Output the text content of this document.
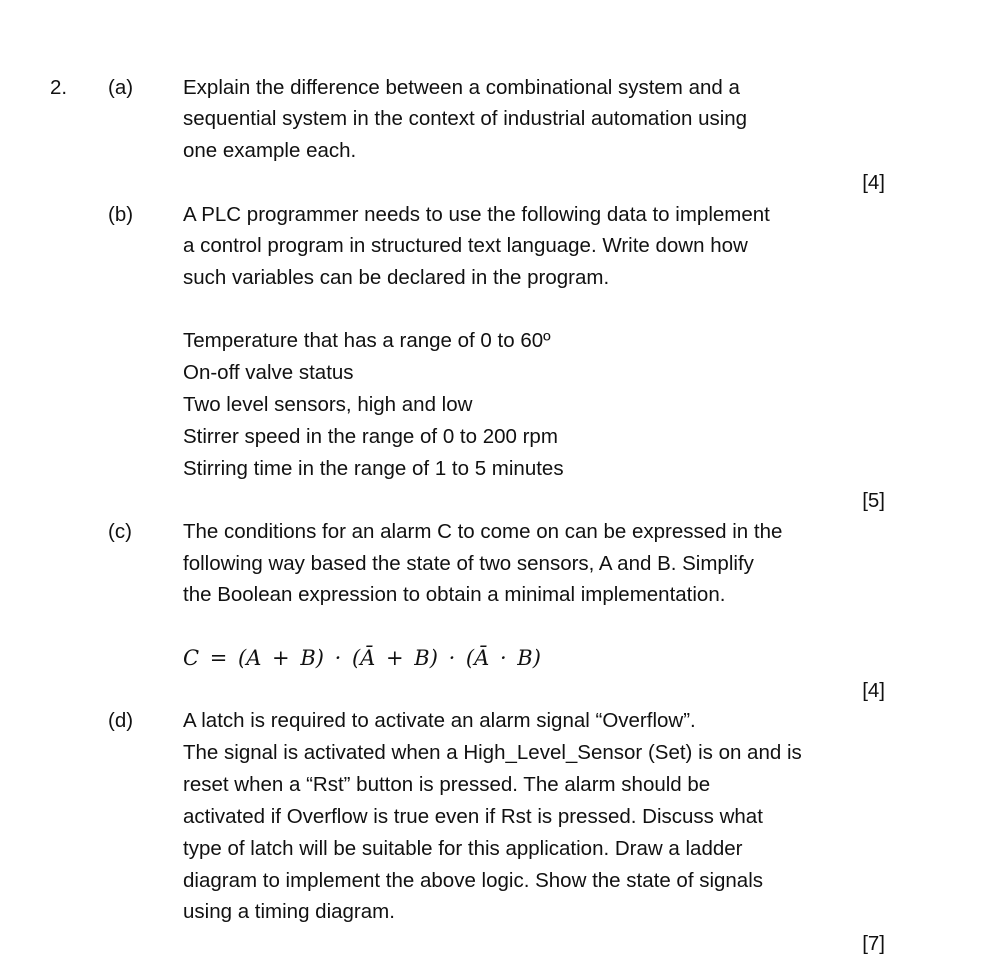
2. (a) Explain the difference between a combinational system and a
sequential system in the context of industrial automation using
one example each.
[4]
(b) A PLC programmer needs to use the following data to implement
a control program in structured text language. Write down how
such variables can be declared in the program.
Temperature that has a range of 0 to 60º
On-off valve status
Two level sensors, high and low
Stirrer speed in the range of 0 to 200 rpm
Stirring time in the range of 1 to 5 minutes
[5]
(c) The conditions for an alarm C to come on can be expressed in the
following way based the state of two sensors, A and B. Simplify
the Boolean expression to obtain a minimal implementation.
C = (A + B) · (Ā + B) · (Ā · B)
[4]
(d) A latch is required to activate an alarm signal “Overflow”.
The signal is activated when a High_Level_Sensor (Set) is on and is
reset when a “Rst” button is pressed. The alarm should be
activated if Overflow is true even if Rst is pressed. Discuss what
type of latch will be suitable for this application. Draw a ladder
diagram to implement the above logic. Show the state of signals
using a timing diagram.
[7]
